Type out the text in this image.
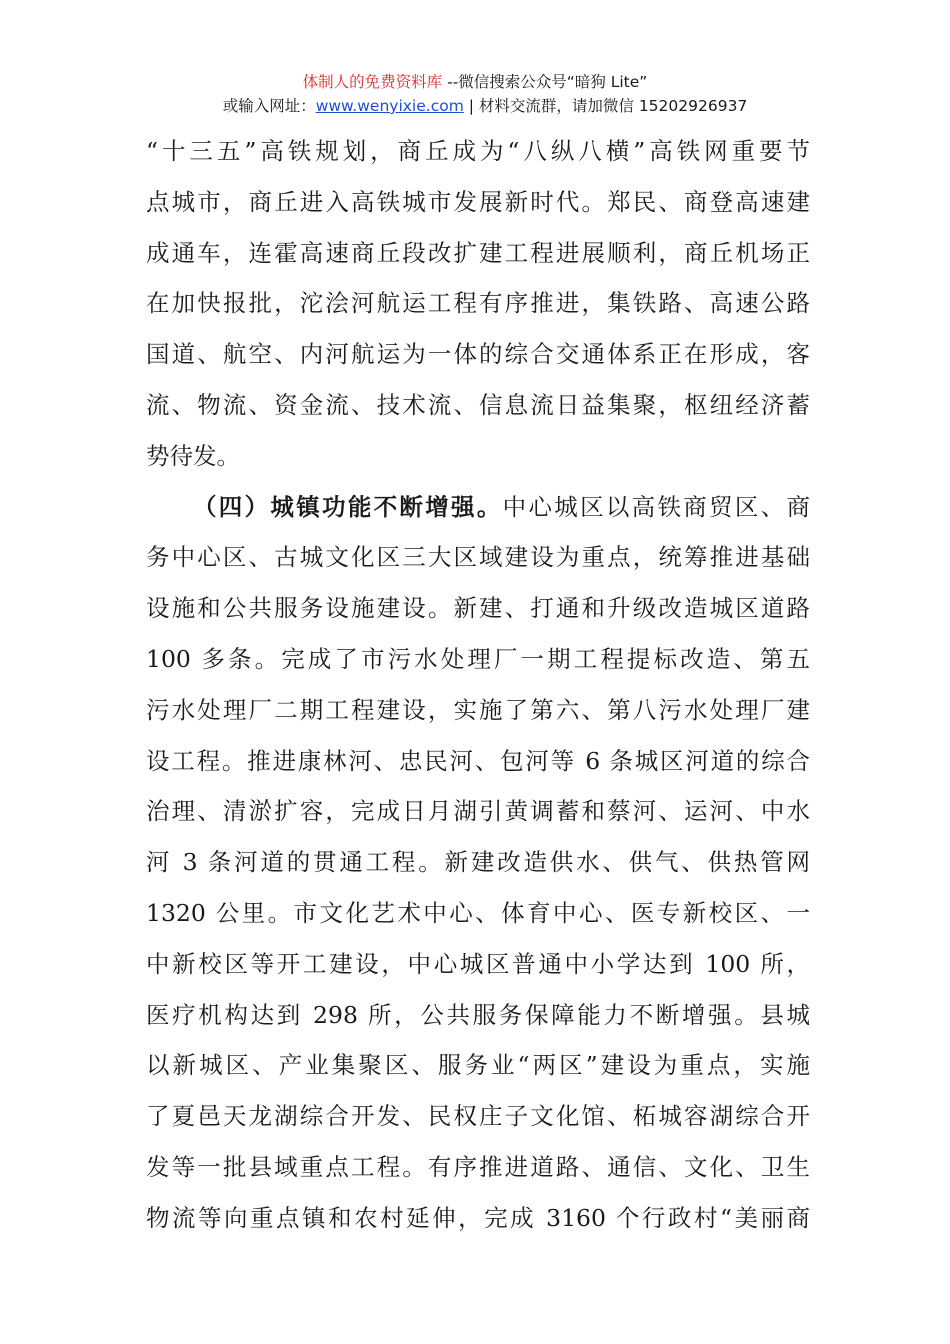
体制人的免费资料库 --微信搜索公众号“暗狗 Lite”
或输入网址：www.wenyixie.com | 材料交流群，请加微信 15202926937
“十三五”高铁规划，商丘成为“八纵八横”高铁网重要节
点城市，商丘进入高铁城市发展新时代。郑民、商登高速建
成通车，连霍高速商丘段改扩建工程进展顺利，商丘机场正
在加快报批，沱浍河航运工程有序推进，集铁路、高速公路
国道、航空、内河航运为一体的综合交通体系正在形成，客
流、物流、资金流、技术流、信息流日益集聚，枢纽经济蓄
势待发。
（四）城镇功能不断增强。中心城区以高铁商贸区、商
务中心区、古城文化区三大区域建设为重点，统筹推进基础
设施和公共服务设施建设。新建、打通和升级改造城区道路
100 多条。完成了市污水处理厂一期工程提标改造、第五
污水处理厂二期工程建设，实施了第六、第八污水处理厂建
设工程。推进康林河、忠民河、包河等 6 条城区河道的综合
治理、清淤扩容，完成日月湖引黄调蓄和蔡河、运河、中水
河 3 条河道的贯通工程。新建改造供水、供气、供热管网
1320 公里。市文化艺术中心、体育中心、医专新校区、一
中新校区等开工建设，中心城区普通中小学达到 100 所，
医疗机构达到 298 所，公共服务保障能力不断增强。县城
以新城区、产业集聚区、服务业“两区”建设为重点，实施
了夏邑天龙湖综合开发、民权庄子文化馆、柘城容湖综合开
发等一批县域重点工程。有序推进道路、通信、文化、卫生
物流等向重点镇和农村延伸，完成 3160 个行政村“美丽商
